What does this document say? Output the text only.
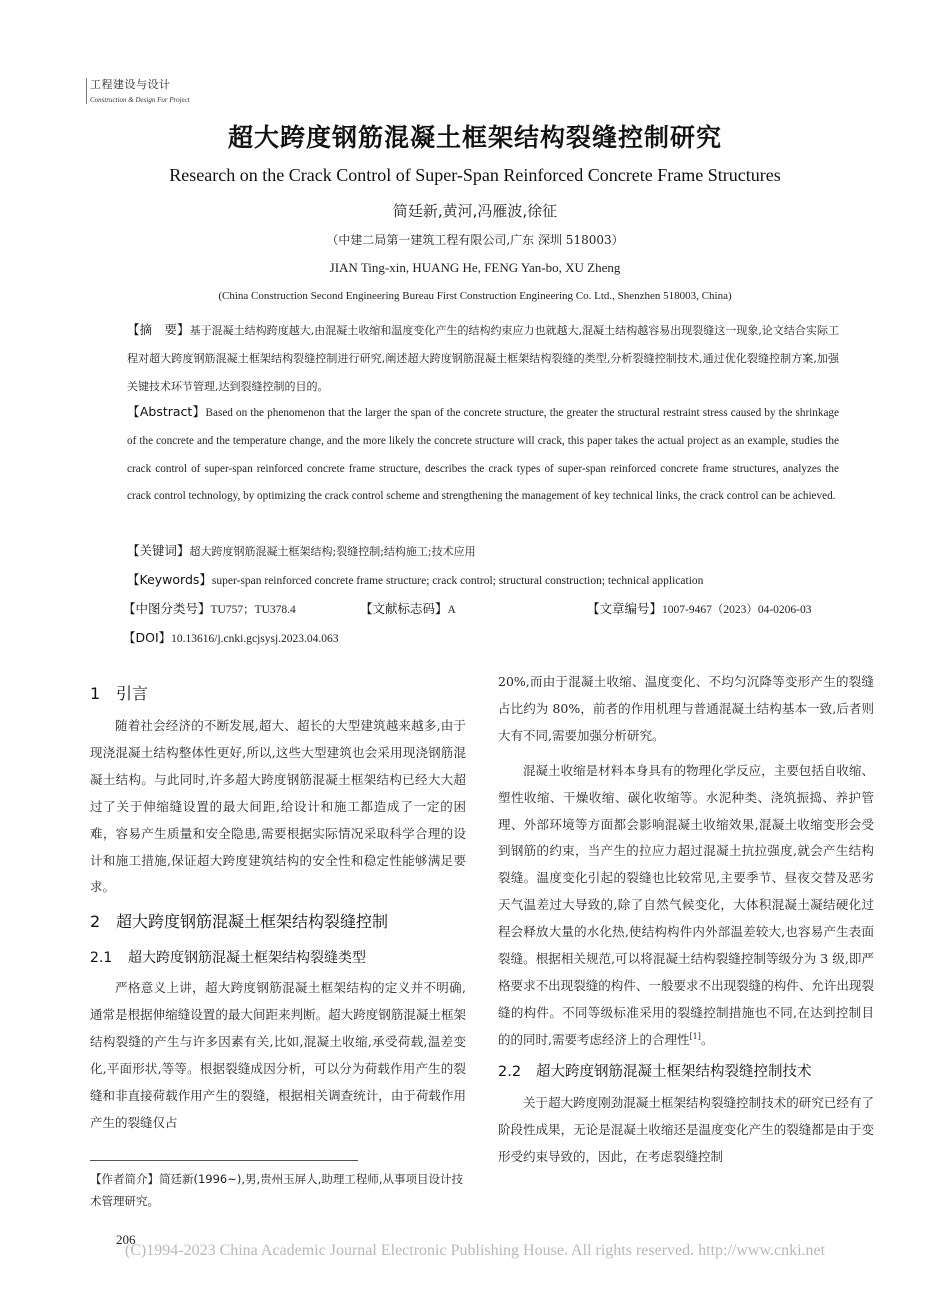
工程建设与设计
Construction & Design For Project
超大跨度钢筋混凝土框架结构裂缝控制研究
Research on the Crack Control of Super-Span Reinforced Concrete Frame Structures
简廷新,黄河,冯雁波,徐征
（中建二局第一建筑工程有限公司,广东 深圳 518003）
JIAN Ting-xin, HUANG He, FENG Yan-bo, XU Zheng
(China Construction Second Engineering Bureau First Construction Engineering Co. Ltd., Shenzhen 518003, China)
【摘　要】基于混凝土结构跨度越大,由混凝土收缩和温度变化产生的结构约束应力也就越大,混凝土结构越容易出现裂缝这一现象,论文结合实际工程对超大跨度钢筋混凝土框架结构裂缝控制进行研究,阐述超大跨度钢筋混凝土框架结构裂缝的类型,分析裂缝控制技术,通过优化裂缝控制方案,加强关键技术环节管理,达到裂缝控制的目的。
【Abstract】Based on the phenomenon that the larger the span of the concrete structure, the greater the structural restraint stress caused by the shrinkage of the concrete and the temperature change, and the more likely the concrete structure will crack, this paper takes the actual project as an example, studies the crack control of super-span reinforced concrete frame structure, describes the crack types of super-span reinforced concrete frame structures, analyzes the crack control technology, by optimizing the crack control scheme and strengthening the management of key technical links, the crack control can be achieved.
【关键词】超大跨度钢筋混凝土框架结构;裂缝控制;结构施工;技术应用
【Keywords】super-span reinforced concrete frame structure; crack control; structural construction; technical application
【中图分类号】TU757；TU378.4	【文献标志码】A	【文章编号】1007-9467（2023）04-0206-03
【DOI】10.13616/j.cnki.gcjsysj.2023.04.063
1 引言

随着社会经济的不断发展,超大、超长的大型建筑越来越多,由于现浇混凝土结构整体性更好,所以,这些大型建筑也会采用现浇钢筋混凝土结构。与此同时,许多超大跨度钢筋混凝土框架结构已经大大超过了关于伸缩缝设置的最大间距,给设计和施工都造成了一定的困难，容易产生质量和安全隐患,需要根据实际情况采取科学合理的设计和施工措施,保证超大跨度建筑结构的安全性和稳定性能够满足要求。

2 超大跨度钢筋混凝土框架结构裂缝控制
2.1 超大跨度钢筋混凝土框架结构裂缝类型

严格意义上讲，超大跨度钢筋混凝土框架结构的定义并不明确,通常是根据伸缩缝设置的最大间距来判断。超大跨度钢筋混凝土框架结构裂缝的产生与许多因素有关,比如,混凝土收缩,承受荷载,温差变化,平面形状,等等。根据裂缝成因分析，可以分为荷载作用产生的裂缝和非直接荷载作用产生的裂缝，根据相关调查统计，由于荷载作用产生的裂缝仅占

20%,而由于混凝土收缩、温度变化、不均匀沉降等变形产生的裂缝占比约为 80%，前者的作用机理与普通混凝土结构基本一致,后者则大有不同,需要加强分析研究。

混凝土收缩是材料本身具有的物理化学反应，主要包括自收缩、塑性收缩、干燥收缩、碳化收缩等。水泥种类、浇筑振捣、养护管理、外部环境等方面都会影响混凝土收缩效果,混凝土收缩变形会受到钢筋的约束，当产生的拉应力超过混凝土抗拉强度,就会产生结构裂缝。温度变化引起的裂缝也比较常见,主要季节、昼夜交替及恶劣天气温差过大导致的,除了自然气候变化，大体积混凝土凝结硬化过程会释放大量的水化热,使结构构件内外部温差较大,也容易产生表面裂缝。根据相关规范,可以将混凝土结构裂缝控制等级分为 3 级,即严格要求不出现裂缝的构件、一般要求不出现裂缝的构件、允许出现裂缝的构件。不同等级标准采用的裂缝控制措施也不同,在达到控制目的的同时,需要考虑经济上的合理性[1]。

2.2 超大跨度钢筋混凝土框架结构裂缝控制技术

关于超大跨度刚劲混凝土框架结构裂缝控制技术的研究已经有了阶段性成果，无论是混凝土收缩还是温度变化产生的裂缝都是由于变形受约束导致的，因此，在考虑裂缝控制

【作者简介】简廷新(1996~),男,贵州玉屏人,助理工程师,从事项目设计技术管理研究。
206
(C)1994-2023 China Academic Journal Electronic Publishing House. All rights reserved. http://www.cnki.net
